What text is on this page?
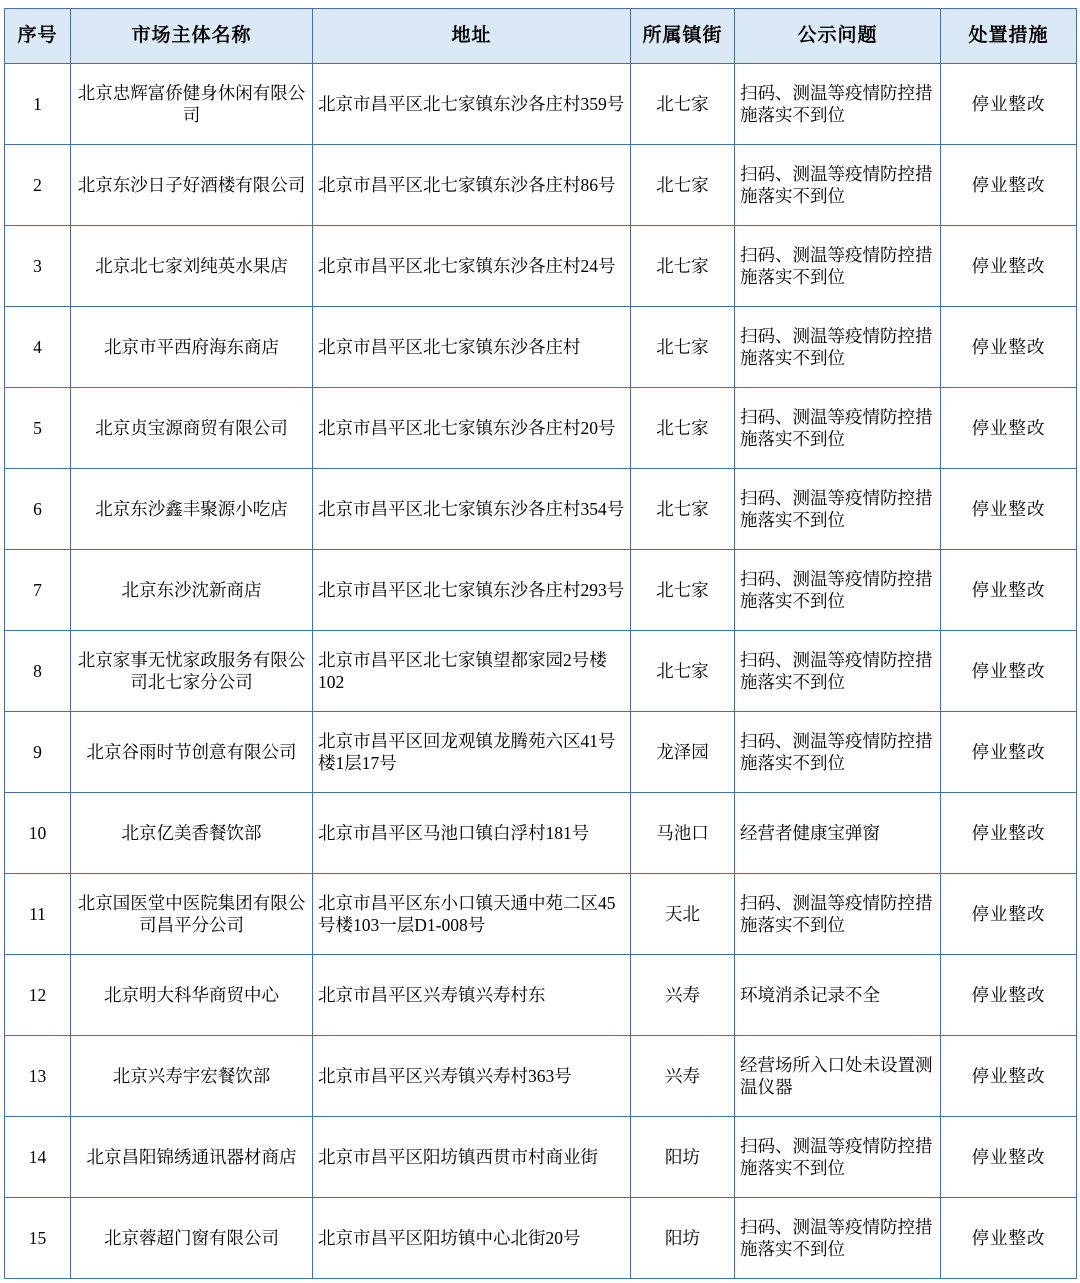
序号	市场主体名称	地址	所属镇街	公示问题	处置措施
1	北京忠辉富侨健身休闲有限公司	北京市昌平区北七家镇东沙各庄村359号	北七家	扫码、测温等疫情防控措施落实不到位	停业整改
2	北京东沙日子好酒楼有限公司	北京市昌平区北七家镇东沙各庄村86号	北七家	扫码、测温等疫情防控措施落实不到位	停业整改
3	北京北七家刘纯英水果店	北京市昌平区北七家镇东沙各庄村24号	北七家	扫码、测温等疫情防控措施落实不到位	停业整改
4	北京市平西府海东商店	北京市昌平区北七家镇东沙各庄村	北七家	扫码、测温等疫情防控措施落实不到位	停业整改
5	北京贞宝源商贸有限公司	北京市昌平区北七家镇东沙各庄村20号	北七家	扫码、测温等疫情防控措施落实不到位	停业整改
6	北京东沙鑫丰聚源小吃店	北京市昌平区北七家镇东沙各庄村354号	北七家	扫码、测温等疫情防控措施落实不到位	停业整改
7	北京东沙沈新商店	北京市昌平区北七家镇东沙各庄村293号	北七家	扫码、测温等疫情防控措施落实不到位	停业整改
8	北京家事无忧家政服务有限公司北七家分公司	北京市昌平区北七家镇望都家园2号楼102	北七家	扫码、测温等疫情防控措施落实不到位	停业整改
9	北京谷雨时节创意有限公司	北京市昌平区回龙观镇龙腾苑六区41号楼1层17号	龙泽园	扫码、测温等疫情防控措施落实不到位	停业整改
10	北京亿美香餐饮部	北京市昌平区马池口镇白浮村181号	马池口	经营者健康宝弹窗	停业整改
11	北京国医堂中医院集团有限公司昌平分公司	北京市昌平区东小口镇天通中苑二区45号楼103一层D1-008号	天北	扫码、测温等疫情防控措施落实不到位	停业整改
12	北京明大科华商贸中心	北京市昌平区兴寿镇兴寿村东	兴寿	环境消杀记录不全	停业整改
13	北京兴寿宇宏餐饮部	北京市昌平区兴寿镇兴寿村363号	兴寿	经营场所入口处未设置测温仪器	停业整改
14	北京昌阳锦绣通讯器材商店	北京市昌平区阳坊镇西贯市村商业街	阳坊	扫码、测温等疫情防控措施落实不到位	停业整改
15	北京蓉超门窗有限公司	北京市昌平区阳坊镇中心北街20号	阳坊	扫码、测温等疫情防控措施落实不到位	停业整改
